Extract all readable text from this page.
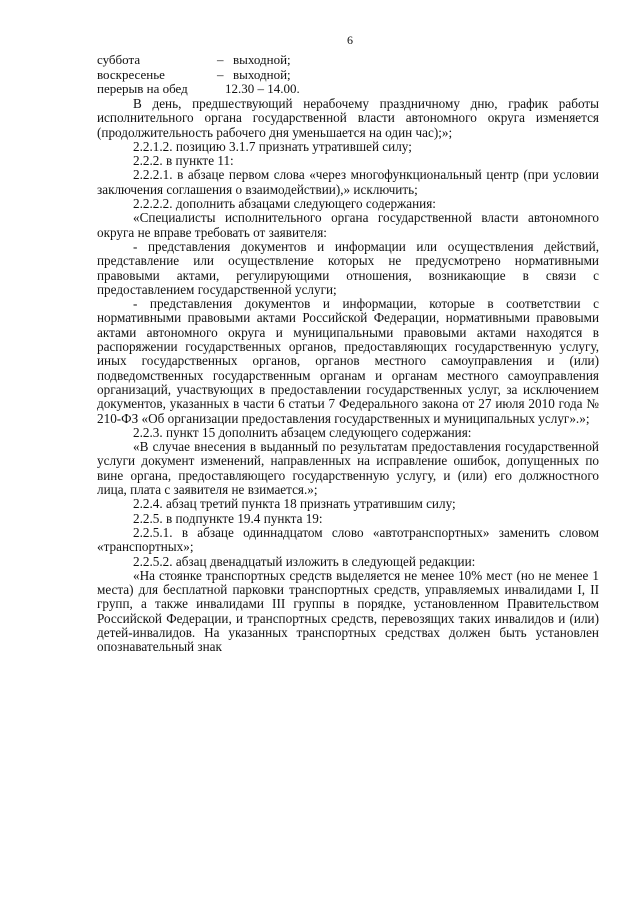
6
суббота	– выходной;
воскресенье	– выходной;
перерыв на обед	12.30 – 14.00.

В день, предшествующий нерабочему праздничному дню, график работы исполнительного органа государственной власти автономного округа изменяется (продолжительность рабочего дня уменьшается на один час);»;

2.2.1.2. позицию 3.1.7 признать утратившей силу;

2.2.2. в пункте 11:

2.2.2.1. в абзаце первом слова «через многофункциональный центр (при условии заключения соглашения о взаимодействии),» исключить;

2.2.2.2. дополнить абзацами следующего содержания:

«Специалисты исполнительного органа государственной власти автономного округа не вправе требовать от заявителя:

- представления документов и информации или осуществления действий, представление или осуществление которых не предусмотрено нормативными правовыми актами, регулирующими отношения, возникающие в связи с предоставлением государственной услуги;

- представления документов и информации, которые в соответствии с нормативными правовыми актами Российской Федерации, нормативными правовыми актами автономного округа и муниципальными правовыми актами находятся в распоряжении государственных органов, предоставляющих государственную услугу, иных государственных органов, органов местного самоуправления и (или) подведомственных государственным органам и органам местного самоуправления организаций, участвующих в предоставлении государственных услуг, за исключением документов, указанных в части 6 статьи 7 Федерального закона от 27 июля 2010 года № 210-ФЗ «Об организации предоставления государственных и муниципальных услуг».»;

2.2.3. пункт 15 дополнить абзацем следующего содержания:

«В случае внесения в выданный по результатам предоставления государственной услуги документ изменений, направленных на исправление ошибок, допущенных по вине органа, предоставляющего государственную услугу, и (или) его должностного лица, плата с заявителя не взимается.»;

2.2.4. абзац третий пункта 18 признать утратившим силу;

2.2.5. в подпункте 19.4 пункта 19:

2.2.5.1. в абзаце одиннадцатом слово «автотранспортных» заменить словом «транспортных»;

2.2.5.2. абзац двенадцатый изложить в следующей редакции:

«На стоянке транспортных средств выделяется не менее 10% мест (но не менее 1 места) для бесплатной парковки транспортных средств, управляемых инвалидами I, II групп, а также инвалидами III группы в порядке, установленном Правительством Российской Федерации, и транспортных средств, перевозящих таких инвалидов и (или) детей-инвалидов. На указанных транспортных средствах должен быть установлен опознавательный знак
